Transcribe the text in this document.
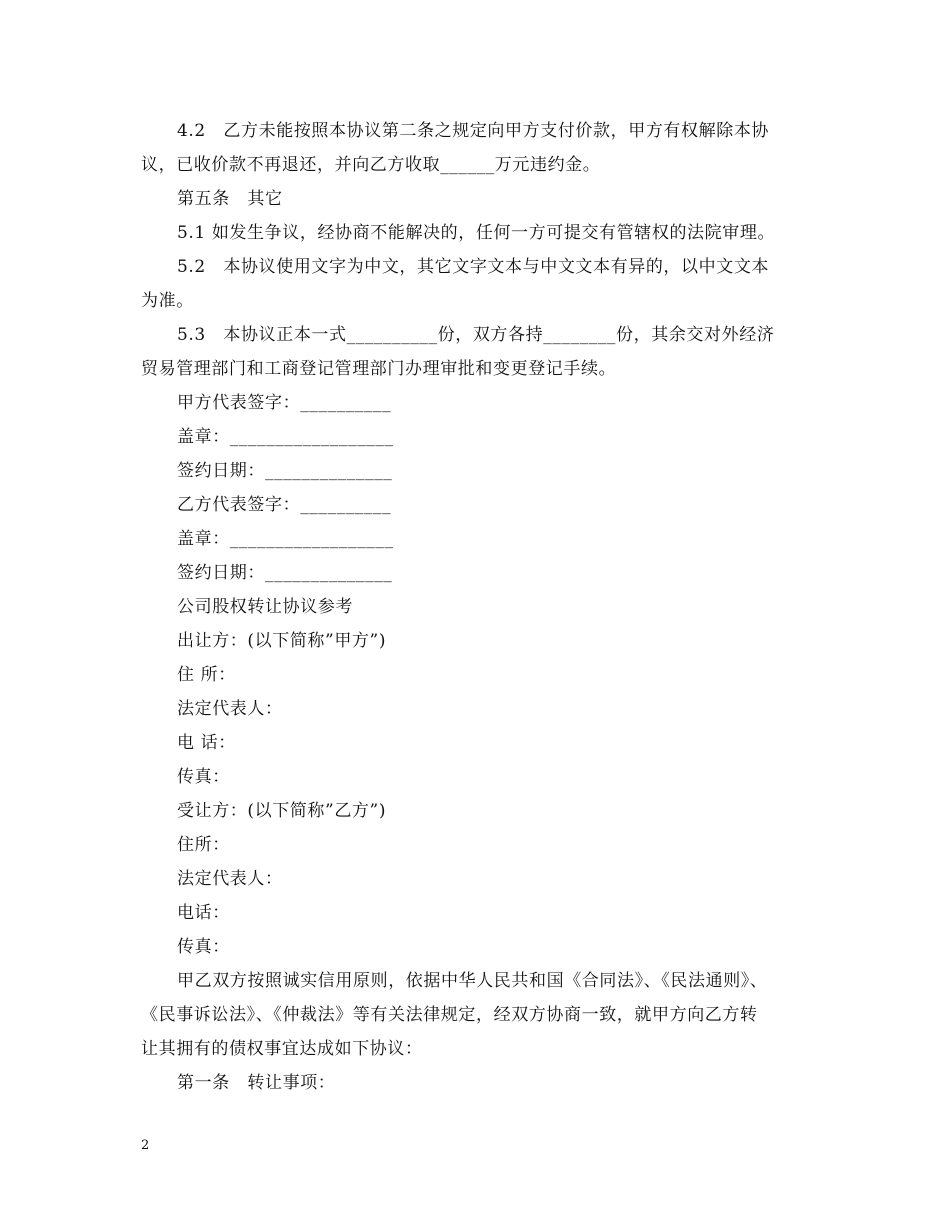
4.2　乙方未能按照本协议第二条之规定向甲方支付价款，甲方有权解除本协
议，已收价款不再退还，并向乙方收取______万元违约金。
第五条　其它
5.1 如发生争议，经协商不能解决的，任何一方可提交有管辖权的法院审理。
5.2　本协议使用文字为中文，其它文字文本与中文文本有异的，以中文文本
为准。
5.3　本协议正本一式__________份，双方各持________份，其余交对外经济
贸易管理部门和工商登记管理部门办理审批和变更登记手续。
甲方代表签字：__________
盖章：__________________
签约日期：______________
乙方代表签字：__________
盖章：__________________
签约日期：______________
公司股权转让协议参考
出让方：(以下简称”甲方”)
住 所：
法定代表人：
电 话：
传真：
受让方：(以下简称”乙方”)
住所：
法定代表人：
电话：
传真：
甲乙双方按照诚实信用原则，依据中华人民共和国《合同法》、《民法通则》、
《民事诉讼法》、《仲裁法》等有关法律规定，经双方协商一致，就甲方向乙方转
让其拥有的债权事宜达成如下协议：
第一条　转让事项：
2
